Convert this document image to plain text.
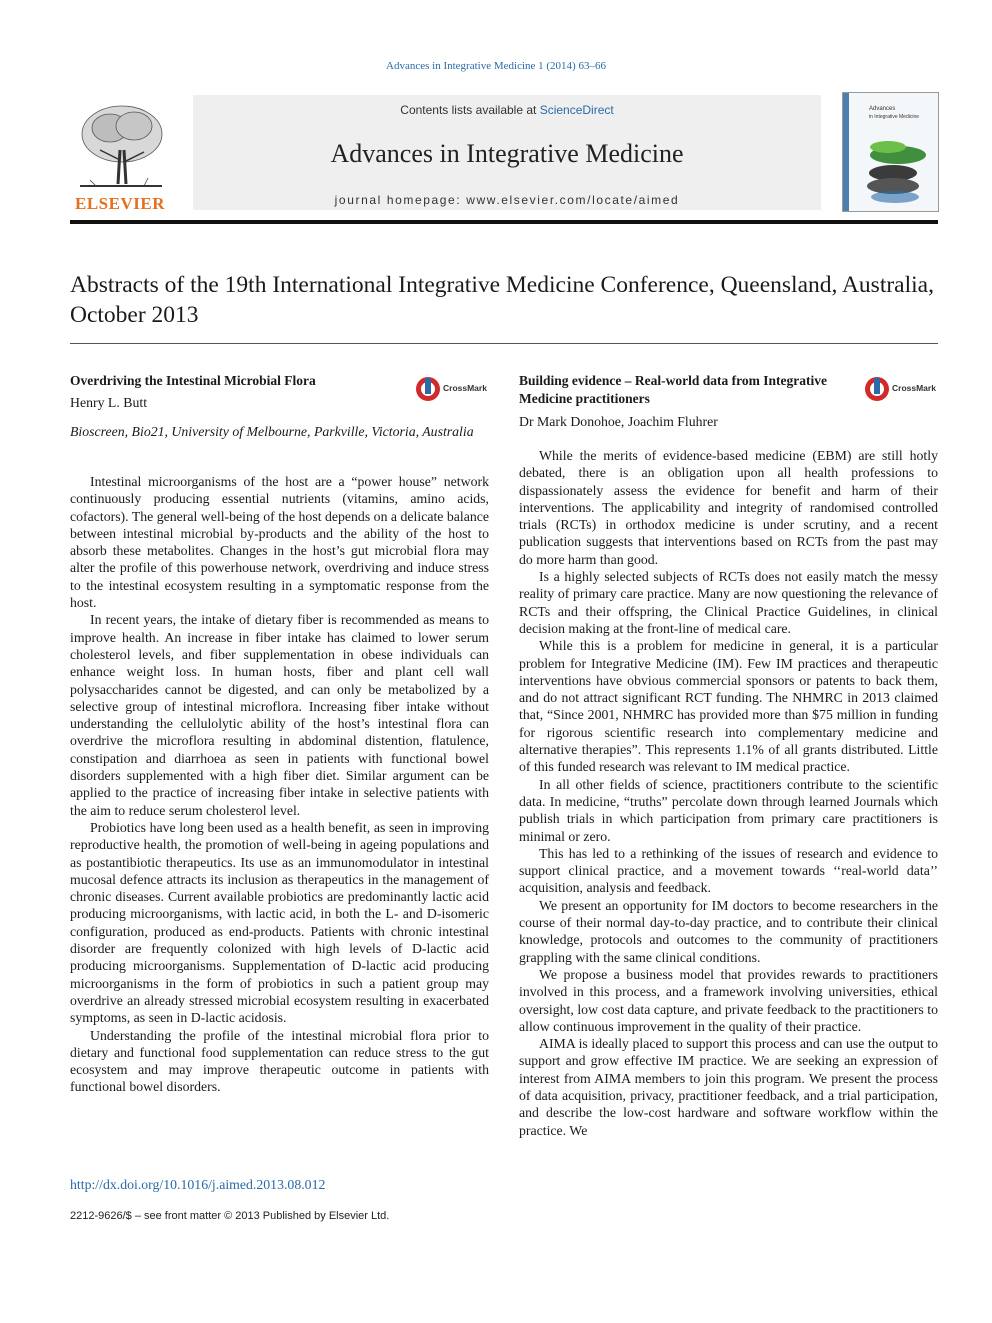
Advances in Integrative Medicine 1 (2014) 63–66
ELSEVIER
Contents lists available at ScienceDirect
Advances in Integrative Medicine
journal homepage: www.elsevier.com/locate/aimed
Advances
in Integrative Medicine
Abstracts of the 19th International Integrative Medicine Conference, Queensland, Australia, October 2013
Overdriving the Intestinal Microbial Flora
Henry L. Butt
CrossMark
Bioscreen, Bio21, University of Melbourne, Parkville, Victoria, Australia

Intestinal microorganisms of the host are a “power house” network continuously producing essential nutrients (vitamins, amino acids, cofactors). The general well-being of the host depends on a delicate balance between intestinal microbial by-products and the ability of the host to absorb these metabolites. Changes in the host’s gut microbial flora may alter the profile of this powerhouse network, overdriving and induce stress to the intestinal ecosystem resulting in a symptomatic response from the host.

In recent years, the intake of dietary fiber is recommended as means to improve health. An increase in fiber intake has claimed to lower serum cholesterol levels, and fiber supplementation in obese individuals can enhance weight loss. In human hosts, fiber and plant cell wall polysaccharides cannot be digested, and can only be metabolized by a selective group of intestinal microflora. Increasing fiber intake without understanding the cellulolytic ability of the host’s intestinal flora can overdrive the microflora resulting in abdominal distention, flatulence, constipation and diarrhoea as seen in patients with functional bowel disorders supplemented with a high fiber diet. Similar argument can be applied to the practice of increasing fiber intake in selective patients with the aim to reduce serum cholesterol level.

Probiotics have long been used as a health benefit, as seen in improving reproductive health, the promotion of well-being in ageing populations and as postantibiotic therapeutics. Its use as an immunomodulator in intestinal mucosal defence attracts its inclusion as therapeutics in the management of chronic diseases. Current available probiotics are predominantly lactic acid producing microorganisms, with lactic acid, in both the L- and D-isomeric configuration, produced as end-products. Patients with chronic intestinal disorder are frequently colonized with high levels of D-lactic acid producing microorganisms. Supplementation of D-lactic acid producing microorganisms in the form of probiotics in such a patient group may overdrive an already stressed microbial ecosystem resulting in exacerbated symptoms, as seen in D-lactic acidosis.

Understanding the profile of the intestinal microbial flora prior to dietary and functional food supplementation can reduce stress to the gut ecosystem and may improve therapeutic outcome in patients with functional bowel disorders.

Building evidence – Real-world data from Integrative Medicine practitioners
Dr Mark Donohoe, Joachim Fluhrer
CrossMark

While the merits of evidence-based medicine (EBM) are still hotly debated, there is an obligation upon all health professions to dispassionately assess the evidence for benefit and harm of their interventions. The applicability and integrity of randomised controlled trials (RCTs) in orthodox medicine is under scrutiny, and a recent publication suggests that interventions based on RCTs from the past may do more harm than good.

Is a highly selected subjects of RCTs does not easily match the messy reality of primary care practice. Many are now questioning the relevance of RCTs and their offspring, the Clinical Practice Guidelines, in clinical decision making at the front-line of medical care.

While this is a problem for medicine in general, it is a particular problem for Integrative Medicine (IM). Few IM practices and therapeutic interventions have obvious commercial sponsors or patents to back them, and do not attract significant RCT funding. The NHMRC in 2013 claimed that, “Since 2001, NHMRC has provided more than $75 million in funding for rigorous scientific research into complementary medicine and alternative therapies”. This represents 1.1% of all grants distributed. Little of this funded research was relevant to IM medical practice.

In all other fields of science, practitioners contribute to the scientific data. In medicine, “truths” percolate down through learned Journals which publish trials in which participation from primary care practitioners is minimal or zero.

This has led to a rethinking of the issues of research and evidence to support clinical practice, and a movement towards ‘‘real-world data’’ acquisition, analysis and feedback.

We present an opportunity for IM doctors to become researchers in the course of their normal day-to-day practice, and to contribute their clinical knowledge, protocols and outcomes to the community of practitioners grappling with the same clinical conditions.

We propose a business model that provides rewards to practitioners involved in this process, and a framework involving universities, ethical oversight, low cost data capture, and private feedback to the practitioners to allow continuous improvement in the quality of their practice.

AIMA is ideally placed to support this process and can use the output to support and grow effective IM practice. We are seeking an expression of interest from AIMA members to join this program. We present the process of data acquisition, privacy, practitioner feedback, and a trial participation, and describe the low-cost hardware and software workflow within the practice. We

http://dx.doi.org/10.1016/j.aimed.2013.08.012
2212-9626/$ – see front matter © 2013 Published by Elsevier Ltd.
